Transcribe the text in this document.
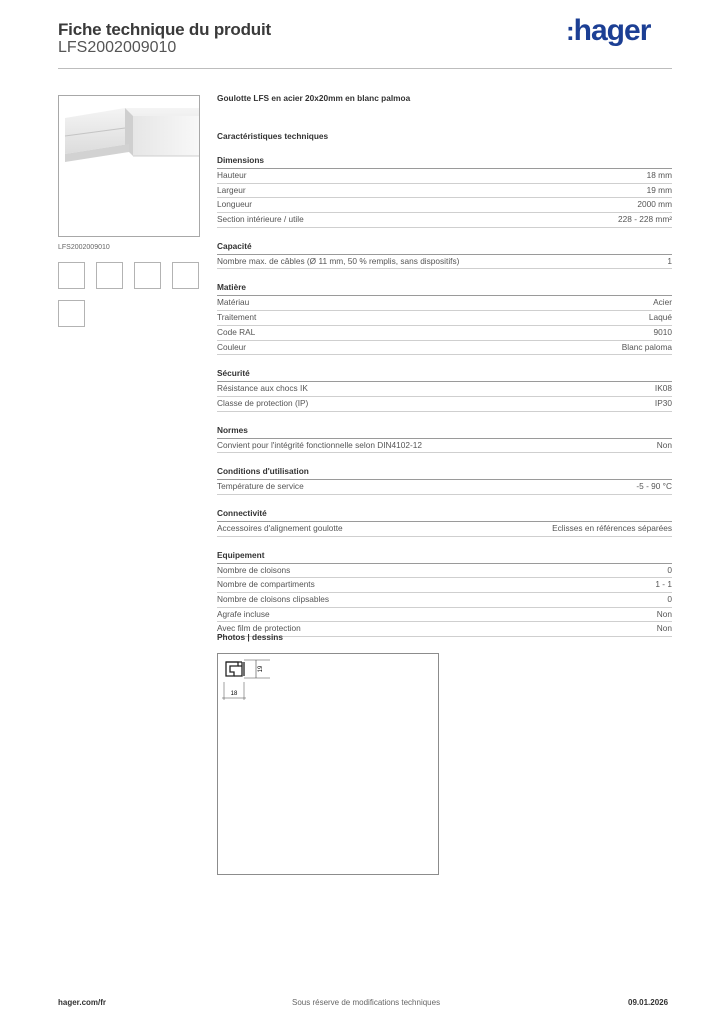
Fiche technique du produit
LFS2002009010
:hager
LFS2002009010
Goulotte LFS en acier 20x20mm en blanc palmoa
Caractéristiques techniques
Dimensions
Hauteur	18 mm
Largeur	19 mm
Longueur	2000 mm
Section intérieure / utile	228 - 228 mm²
Capacité
Nombre max. de câbles (Ø 11 mm, 50 % remplis, sans dispositifs)	1
Matière
Matériau	Acier
Traitement	Laqué
Code RAL	9010
Couleur	Blanc paloma
Sécurité
Résistance aux chocs IK	IK08
Classe de protection (IP)	IP30
Normes
Convient pour l'intégrité fonctionnelle selon DIN4102-12	Non
Conditions d'utilisation
Température de service	-5 - 90 °C
Connectivité
Accessoires d'alignement goulotte	Eclisses en références séparées
Equipement
Nombre de cloisons	0
Nombre de compartiments	1 - 1
Nombre de cloisons clipsables	0
Agrafe incluse	Non
Avec film de protection	Non
Photos | dessins
19
18
hager.com/fr	Sous réserve de modifications techniques	09.01.2026
